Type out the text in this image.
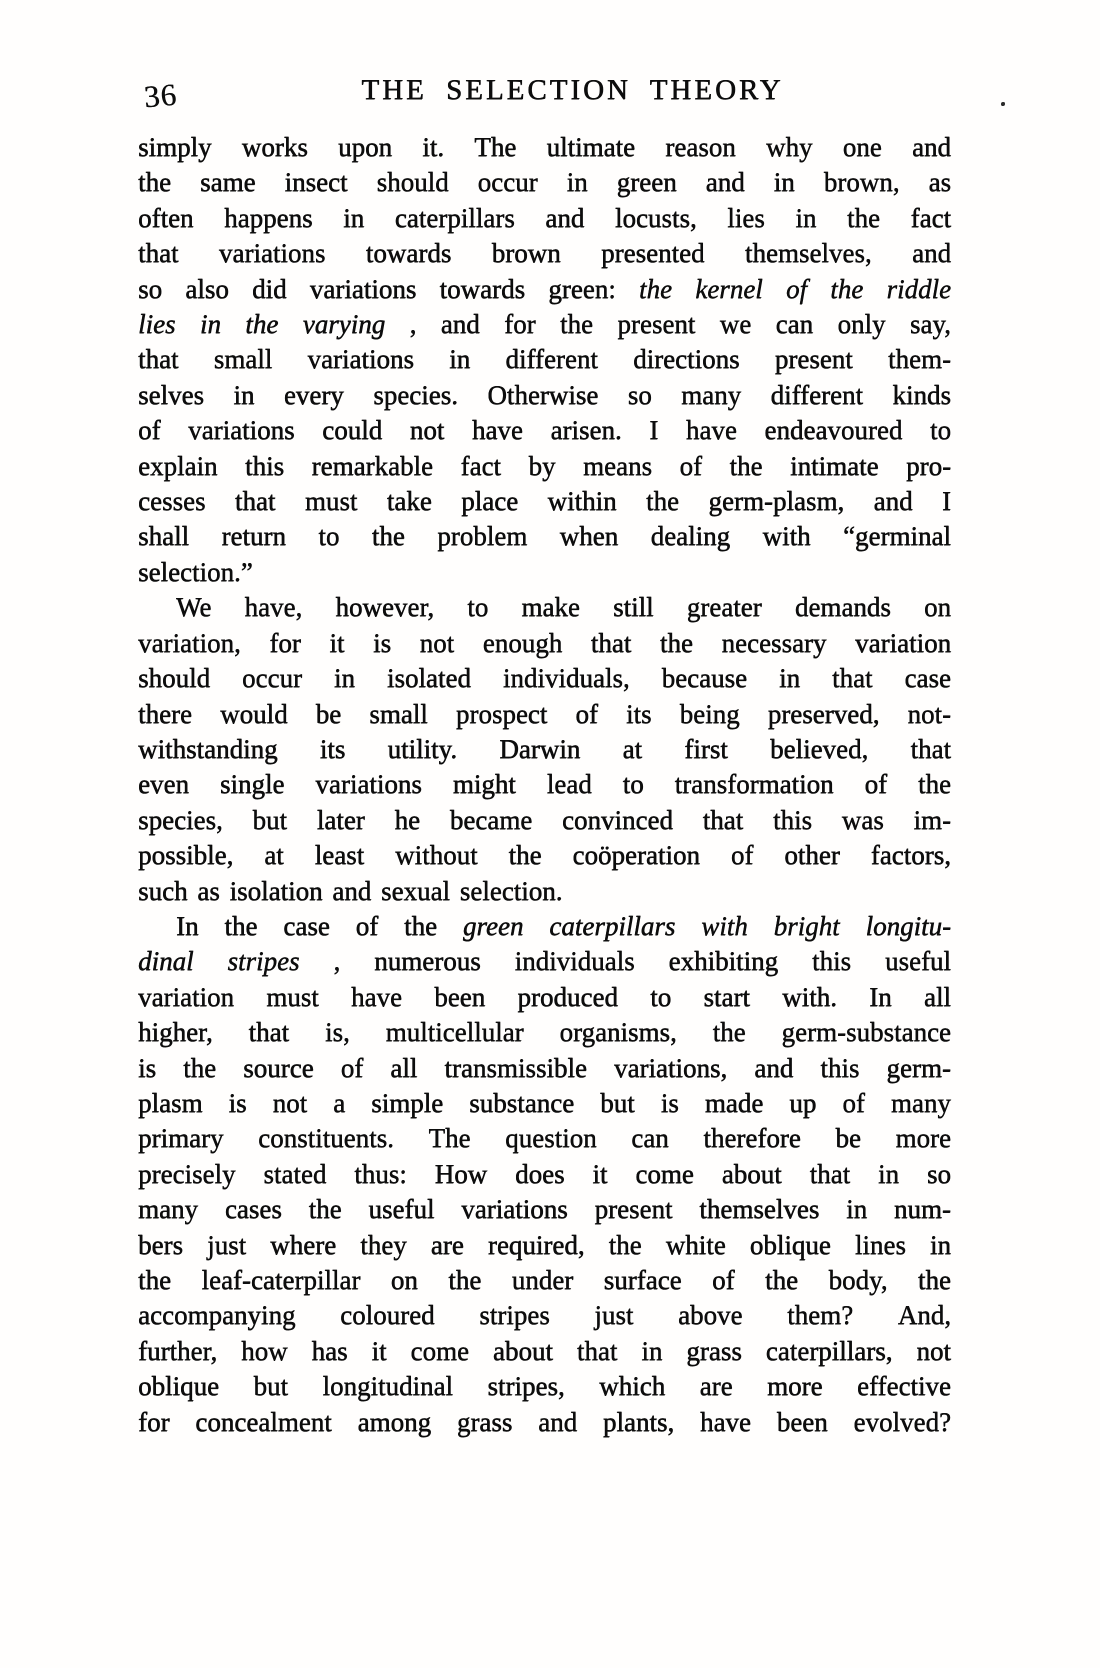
36	THE SELECTION THEORY
simply works upon it. The ultimate reason why one and
the same insect should occur in green and in brown, as
often happens in caterpillars and locusts, lies in the fact
that variations towards brown presented themselves, and
so also did variations towards green: the kernel of the riddle
lies in the varying , and for the present we can only say,
that small variations in different directions present them-
selves in every species. Otherwise so many different kinds
of variations could not have arisen. I have endeavoured to
explain this remarkable fact by means of the intimate pro-
cesses that must take place within the germ-plasm, and I
shall return to the problem when dealing with “germinal
selection.”
We have, however, to make still greater demands on
variation, for it is not enough that the necessary variation
should occur in isolated individuals, because in that case
there would be small prospect of its being preserved, not-
withstanding its utility. Darwin at first believed, that
even single variations might lead to transformation of the
species, but later he became convinced that this was im-
possible, at least without the coöperation of other factors,
such as isolation and sexual selection.
In the case of the green caterpillars with bright longitu-
dinal stripes , numerous individuals exhibiting this useful
variation must have been produced to start with. In all
higher, that is, multicellular organisms, the germ-substance
is the source of all transmissible variations, and this germ-
plasm is not a simple substance but is made up of many
primary constituents. The question can therefore be more
precisely stated thus: How does it come about that in so
many cases the useful variations present themselves in num-
bers just where they are required, the white oblique lines in
the leaf-caterpillar on the under surface of the body, the
accompanying coloured stripes just above them? And,
further, how has it come about that in grass caterpillars, not
oblique but longitudinal stripes, which are more effective
for concealment among grass and plants, have been evolved?
